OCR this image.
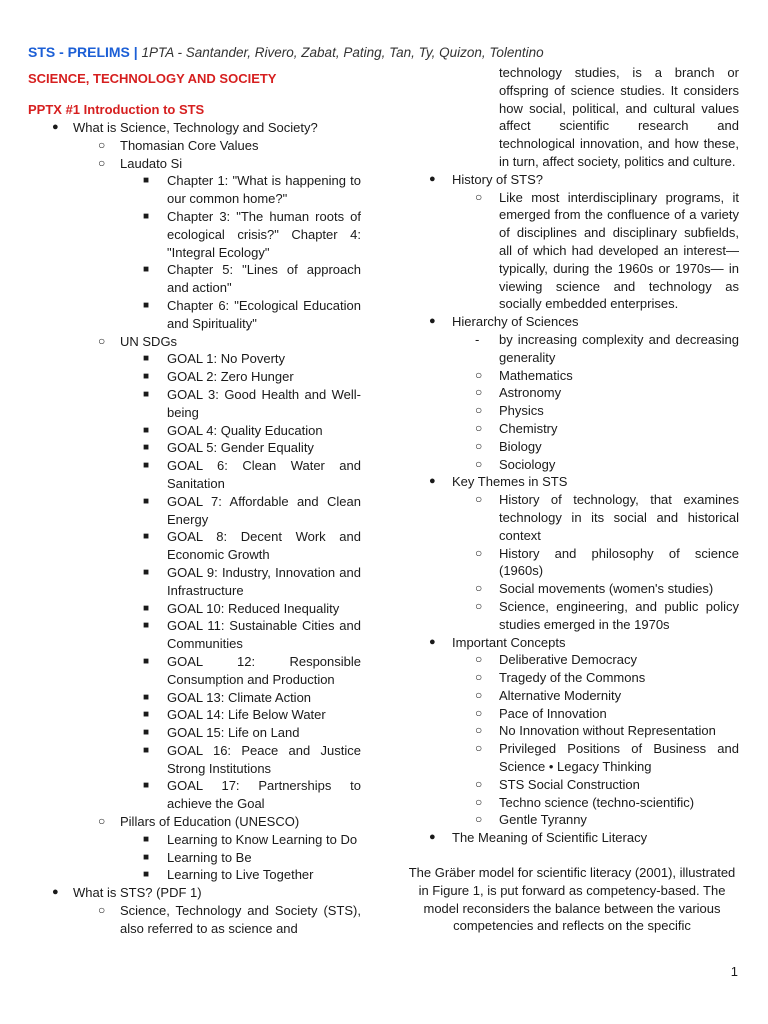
STS - PRELIMS | 1PTA - Santander, Rivero, Zabat, Pating, Tan, Ty, Quizon, Tolentino
SCIENCE, TECHNOLOGY AND SOCIETY
PPTX #1 Introduction to STS
● What is Science, Technology and Society?
○ Thomasian Core Values
○ Laudato Si
■ Chapter 1: "What is happening to our common home?"
■ Chapter 3: "The human roots of ecological crisis?" Chapter 4: "Integral Ecology"
■ Chapter 5: "Lines of approach and action"
■ Chapter 6: "Ecological Education and Spirituality"
○ UN SDGs
■ GOAL 1: No Poverty
■ GOAL 2: Zero Hunger
■ GOAL 3: Good Health and Well-being
■ GOAL 4: Quality Education
■ GOAL 5: Gender Equality
■ GOAL 6: Clean Water and Sanitation
■ GOAL 7: Affordable and Clean Energy
■ GOAL 8: Decent Work and Economic Growth
■ GOAL 9: Industry, Innovation and Infrastructure
■ GOAL 10: Reduced Inequality
■ GOAL 11: Sustainable Cities and Communities
■ GOAL 12: Responsible Consumption and Production
■ GOAL 13: Climate Action
■ GOAL 14: Life Below Water
■ GOAL 15: Life on Land
■ GOAL 16: Peace and Justice Strong Institutions
■ GOAL 17: Partnerships to achieve the Goal
○ Pillars of Education (UNESCO)
■ Learning to Know Learning to Do
■ Learning to Be
■ Learning to Live Together
● What is STS? (PDF 1)
○ Science, Technology and Society (STS), also referred to as science and
technology studies, is a branch or offspring of science studies. It considers how social, political, and cultural values affect scientific research and technological innovation, and how these, in turn, affect society, politics and culture.
● History of STS?
○ Like most interdisciplinary programs, it emerged from the confluence of a variety of disciplines and disciplinary subfields, all of which had developed an interest— typically, during the 1960s or 1970s— in viewing science and technology as socially embedded enterprises.
● Hierarchy of Sciences
- by increasing complexity and decreasing generality
○ Mathematics
○ Astronomy
○ Physics
○ Chemistry
○ Biology
○ Sociology
● Key Themes in STS
○ History of technology, that examines technology in its social and historical context
○ History and philosophy of science (1960s)
○ Social movements (women's studies)
○ Science, engineering, and public policy studies emerged in the 1970s
● Important Concepts
○ Deliberative Democracy
○ Tragedy of the Commons
○ Alternative Modernity
○ Pace of Innovation
○ No Innovation without Representation
○ Privileged Positions of Business and Science • Legacy Thinking
○ STS Social Construction
○ Techno science (techno-scientific)
○ Gentle Tyranny
● The Meaning of Scientific Literacy
The Gräber model for scientific literacy (2001), illustrated in Figure 1, is put forward as competency-based. The model reconsiders the balance between the various competencies and reflects on the specific
1
